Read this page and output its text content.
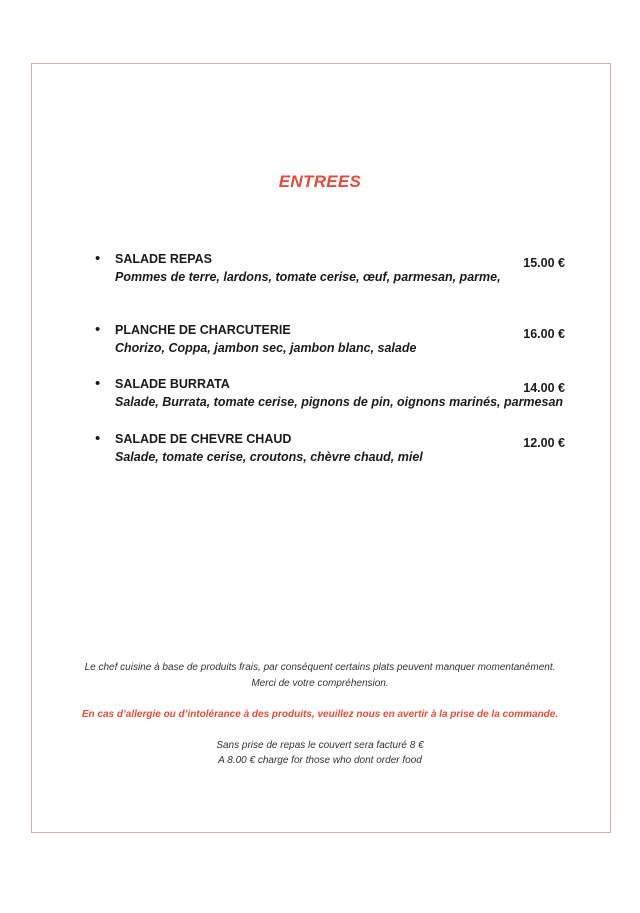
ENTREES
• SALADE REPAS	15.00 €
Pommes de terre, lardons, tomate cerise, œuf, parmesan, parme,
• PLANCHE DE CHARCUTERIE	16.00 €
Chorizo, Coppa, jambon sec, jambon blanc, salade
• SALADE BURRATA	14.00 €
Salade, Burrata, tomate cerise, pignons de pin, oignons marinés, parmesan
• SALADE DE CHEVRE CHAUD	12.00 €
Salade, tomate cerise, croutons, chèvre chaud, miel
Le chef cuisine à base de produits frais, par conséquent certains plats peuvent manquer momentanément.
Merci de votre compréhension.
En cas d’allergie ou d’intolérance à des produits, veuillez nous en avertir à la prise de la commande.
Sans prise de repas le couvert sera facturé 8 €
A 8.00 € charge for those who dont order food
